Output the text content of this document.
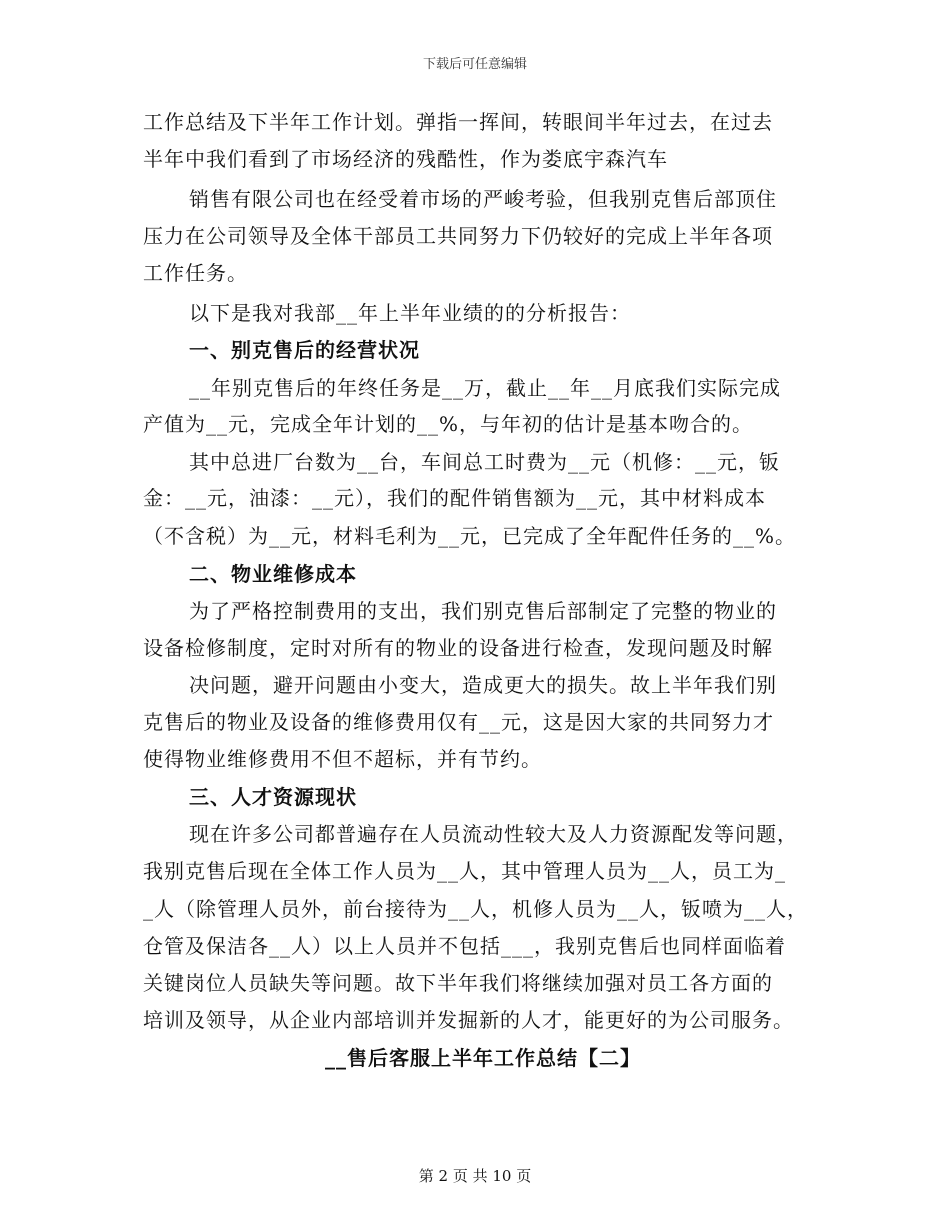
下载后可任意编辑
工作总结及下半年工作计划。弹指一挥间，转眼间半年过去，在过去
半年中我们看到了市场经济的残酷性，作为娄底宇森汽车
销售有限公司也在经受着市场的严峻考验，但我别克售后部顶住
压力在公司领导及全体干部员工共同努力下仍较好的完成上半年各项
工作任务。
以下是我对我部__年上半年业绩的的分析报告：
一、别克售后的经营状况
__年别克售后的年终任务是__万，截止__年__月底我们实际完成
产值为__元，完成全年计划的__%，与年初的估计是基本吻合的。
其中总进厂台数为__台，车间总工时费为__元（机修：__元，钣
金：__元，油漆：__元），我们的配件销售额为__元，其中材料成本
（不含税）为__元，材料毛利为__元，已完成了全年配件任务的__%。
二、物业维修成本
为了严格控制费用的支出，我们别克售后部制定了完整的物业的
设备检修制度，定时对所有的物业的设备进行检查，发现问题及时解
决问题，避开问题由小变大，造成更大的损失。故上半年我们别
克售后的物业及设备的维修费用仅有__元，这是因大家的共同努力才
使得物业维修费用不但不超标，并有节约。
三、人才资源现状
现在许多公司都普遍存在人员流动性较大及人力资源配发等问题，
我别克售后现在全体工作人员为__人，其中管理人员为__人，员工为_
_人（除管理人员外，前台接待为__人，机修人员为__人，钣喷为__人，
仓管及保洁各__人）以上人员并不包括___，我别克售后也同样面临着
关键岗位人员缺失等问题。故下半年我们将继续加强对员工各方面的
培训及领导，从企业内部培训并发掘新的人才，能更好的为公司服务。
__售后客服上半年工作总结【二】
第 2 页 共 10 页
